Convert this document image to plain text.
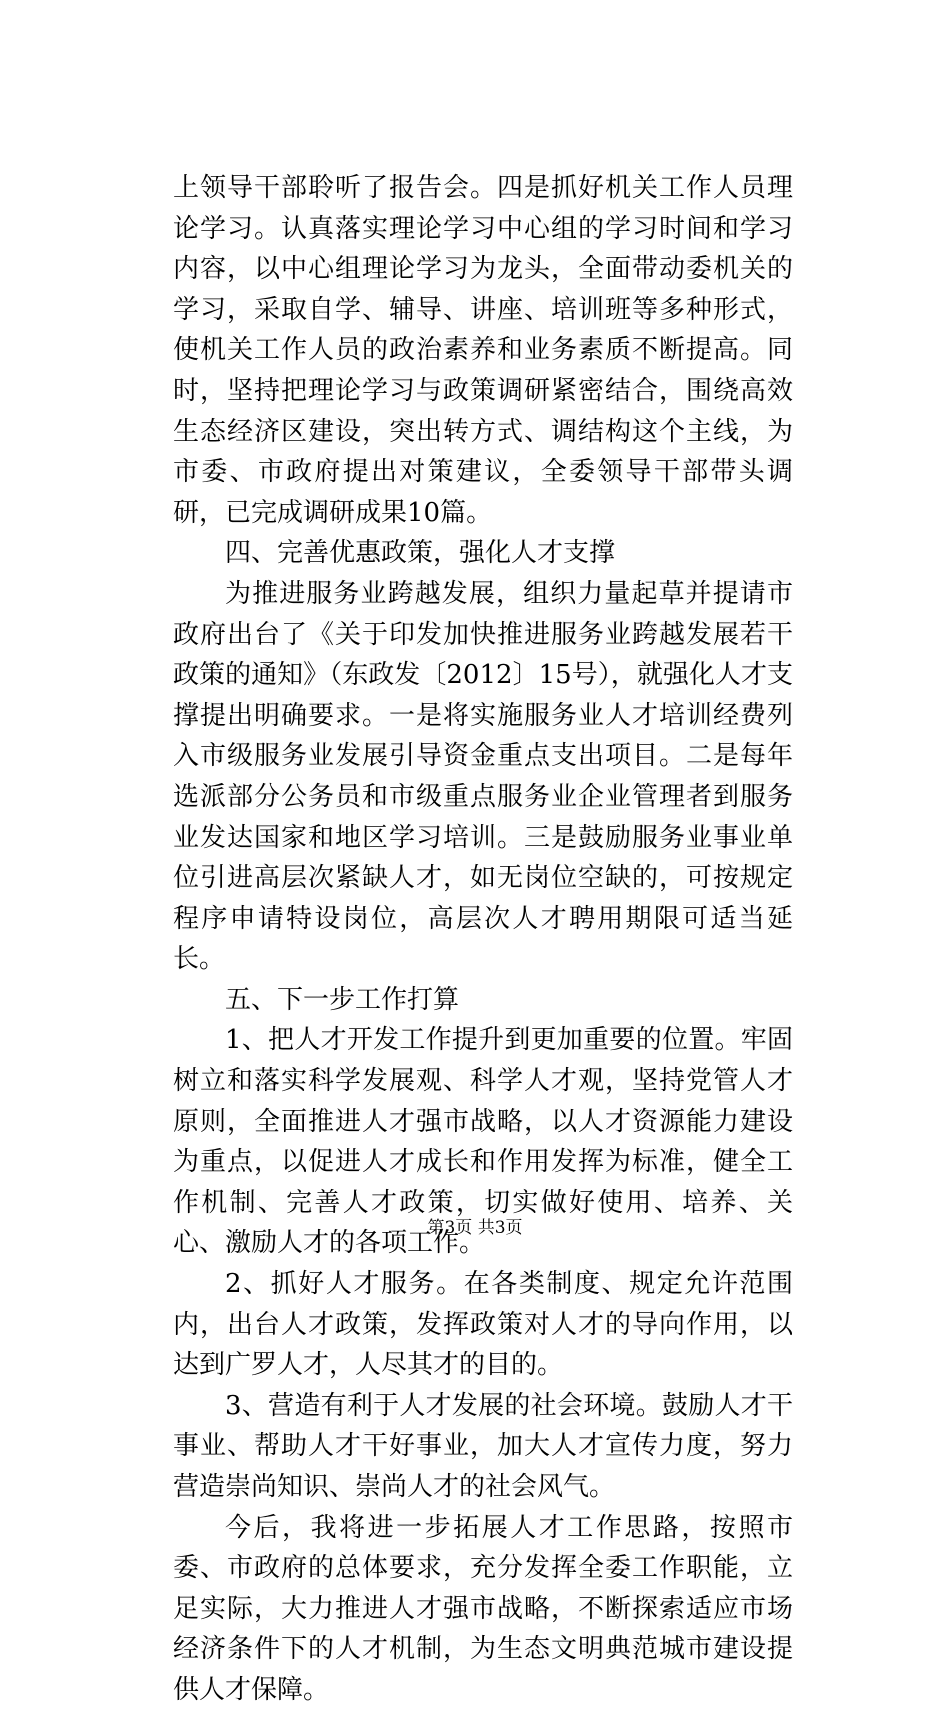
上领导干部聆听了报告会。四是抓好机关工作人员理论学习。认真落实理论学习中心组的学习时间和学习内容，以中心组理论学习为龙头，全面带动委机关的学习，采取自学、辅导、讲座、培训班等多种形式，使机关工作人员的政治素养和业务素质不断提高。同时，坚持把理论学习与政策调研紧密结合，围绕高效生态经济区建设，突出转方式、调结构这个主线，为市委、市政府提出对策建议，全委领导干部带头调研，已完成调研成果10篇。

四、完善优惠政策，强化人才支撑

为推进服务业跨越发展，组织力量起草并提请市政府出台了《关于印发加快推进服务业跨越发展若干政策的通知》（东政发〔2012〕15号），就强化人才支撑提出明确要求。一是将实施服务业人才培训经费列入市级服务业发展引导资金重点支出项目。二是每年选派部分公务员和市级重点服务业企业管理者到服务业发达国家和地区学习培训。三是鼓励服务业事业单位引进高层次紧缺人才，如无岗位空缺的，可按规定程序申请特设岗位，高层次人才聘用期限可适当延长。

五、下一步工作打算

1、把人才开发工作提升到更加重要的位置。牢固树立和落实科学发展观、科学人才观，坚持党管人才原则，全面推进人才强市战略，以人才资源能力建设为重点，以促进人才成长和作用发挥为标准，健全工作机制、完善人才政策，切实做好使用、培养、关心、激励人才的各项工作。

2、抓好人才服务。在各类制度、规定允许范围内，出台人才政策，发挥政策对人才的导向作用，以达到广罗人才，人尽其才的目的。

3、营造有利于人才发展的社会环境。鼓励人才干事业、帮助人才干好事业，加大人才宣传力度，努力营造崇尚知识、崇尚人才的社会风气。

今后，我将进一步拓展人才工作思路，按照市委、市政府的总体要求，充分发挥全委工作职能，立足实际，大力推进人才强市战略，不断探索适应市场经济条件下的人才机制，为生态文明典范城市建设提供人才保障。

第3页 共3页
